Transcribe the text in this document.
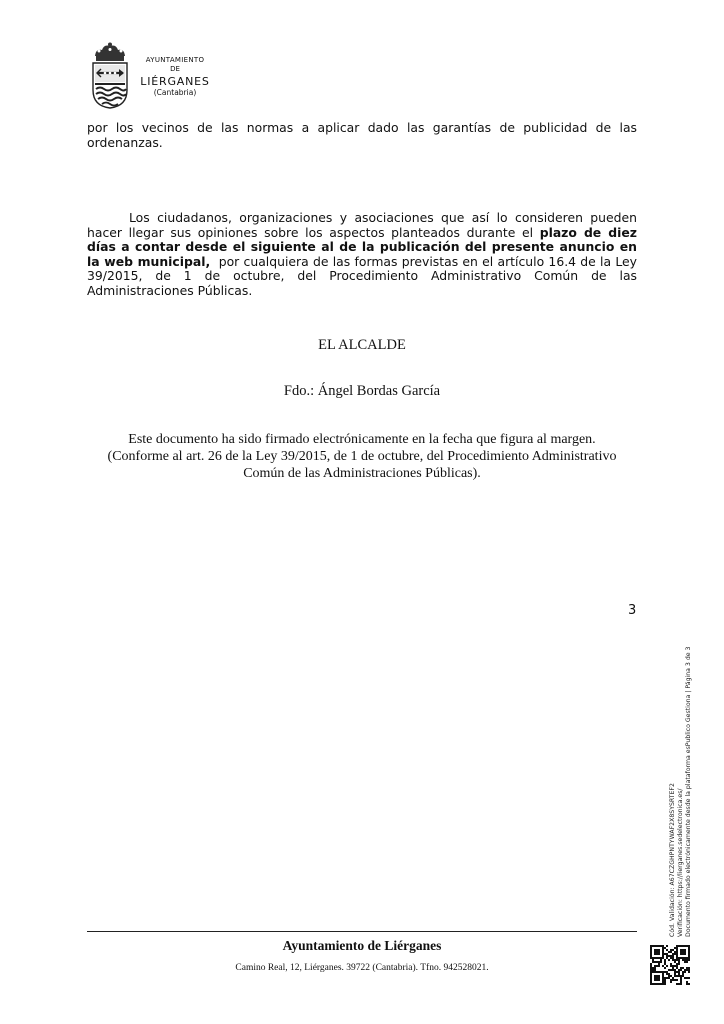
AYUNTAMIENTO
DE
LIÉRGANES
(Cantabria)

por los vecinos de las normas a aplicar dado las garantías de publicidad de las ordenanzas.

Los ciudadanos, organizaciones y asociaciones que así lo consideren pueden hacer llegar sus opiniones sobre los aspectos planteados durante el plazo de diez días a contar desde el siguiente al de la publicación del presente anuncio en la web municipal,  por cualquiera de las formas previstas en el artículo 16.4 de la Ley 39/2015, de 1 de octubre, del Procedimiento Administrativo Común de las Administraciones Públicas.

EL ALCALDE
Fdo.: Ángel Bordas García
Este documento ha sido firmado electrónicamente en la fecha que figura al margen.
(Conforme al art. 26 de la Ley 39/2015, de 1 de octubre, del Procedimiento Administrativo
Común de las Administraciones Públicas).
3
Cód. Validación: A67CZGHPNTYWAF2X8SYSRTEF2 Verificación: https://lierganes.sedelectronica.es/ Documento firmado electrónicamente desde la plataforma esPublico Gestiona | Página 3 de 3
Ayuntamiento de Liérganes
Camino Real, 12, Liérganes. 39722 (Cantabria). Tfno. 942528021.
